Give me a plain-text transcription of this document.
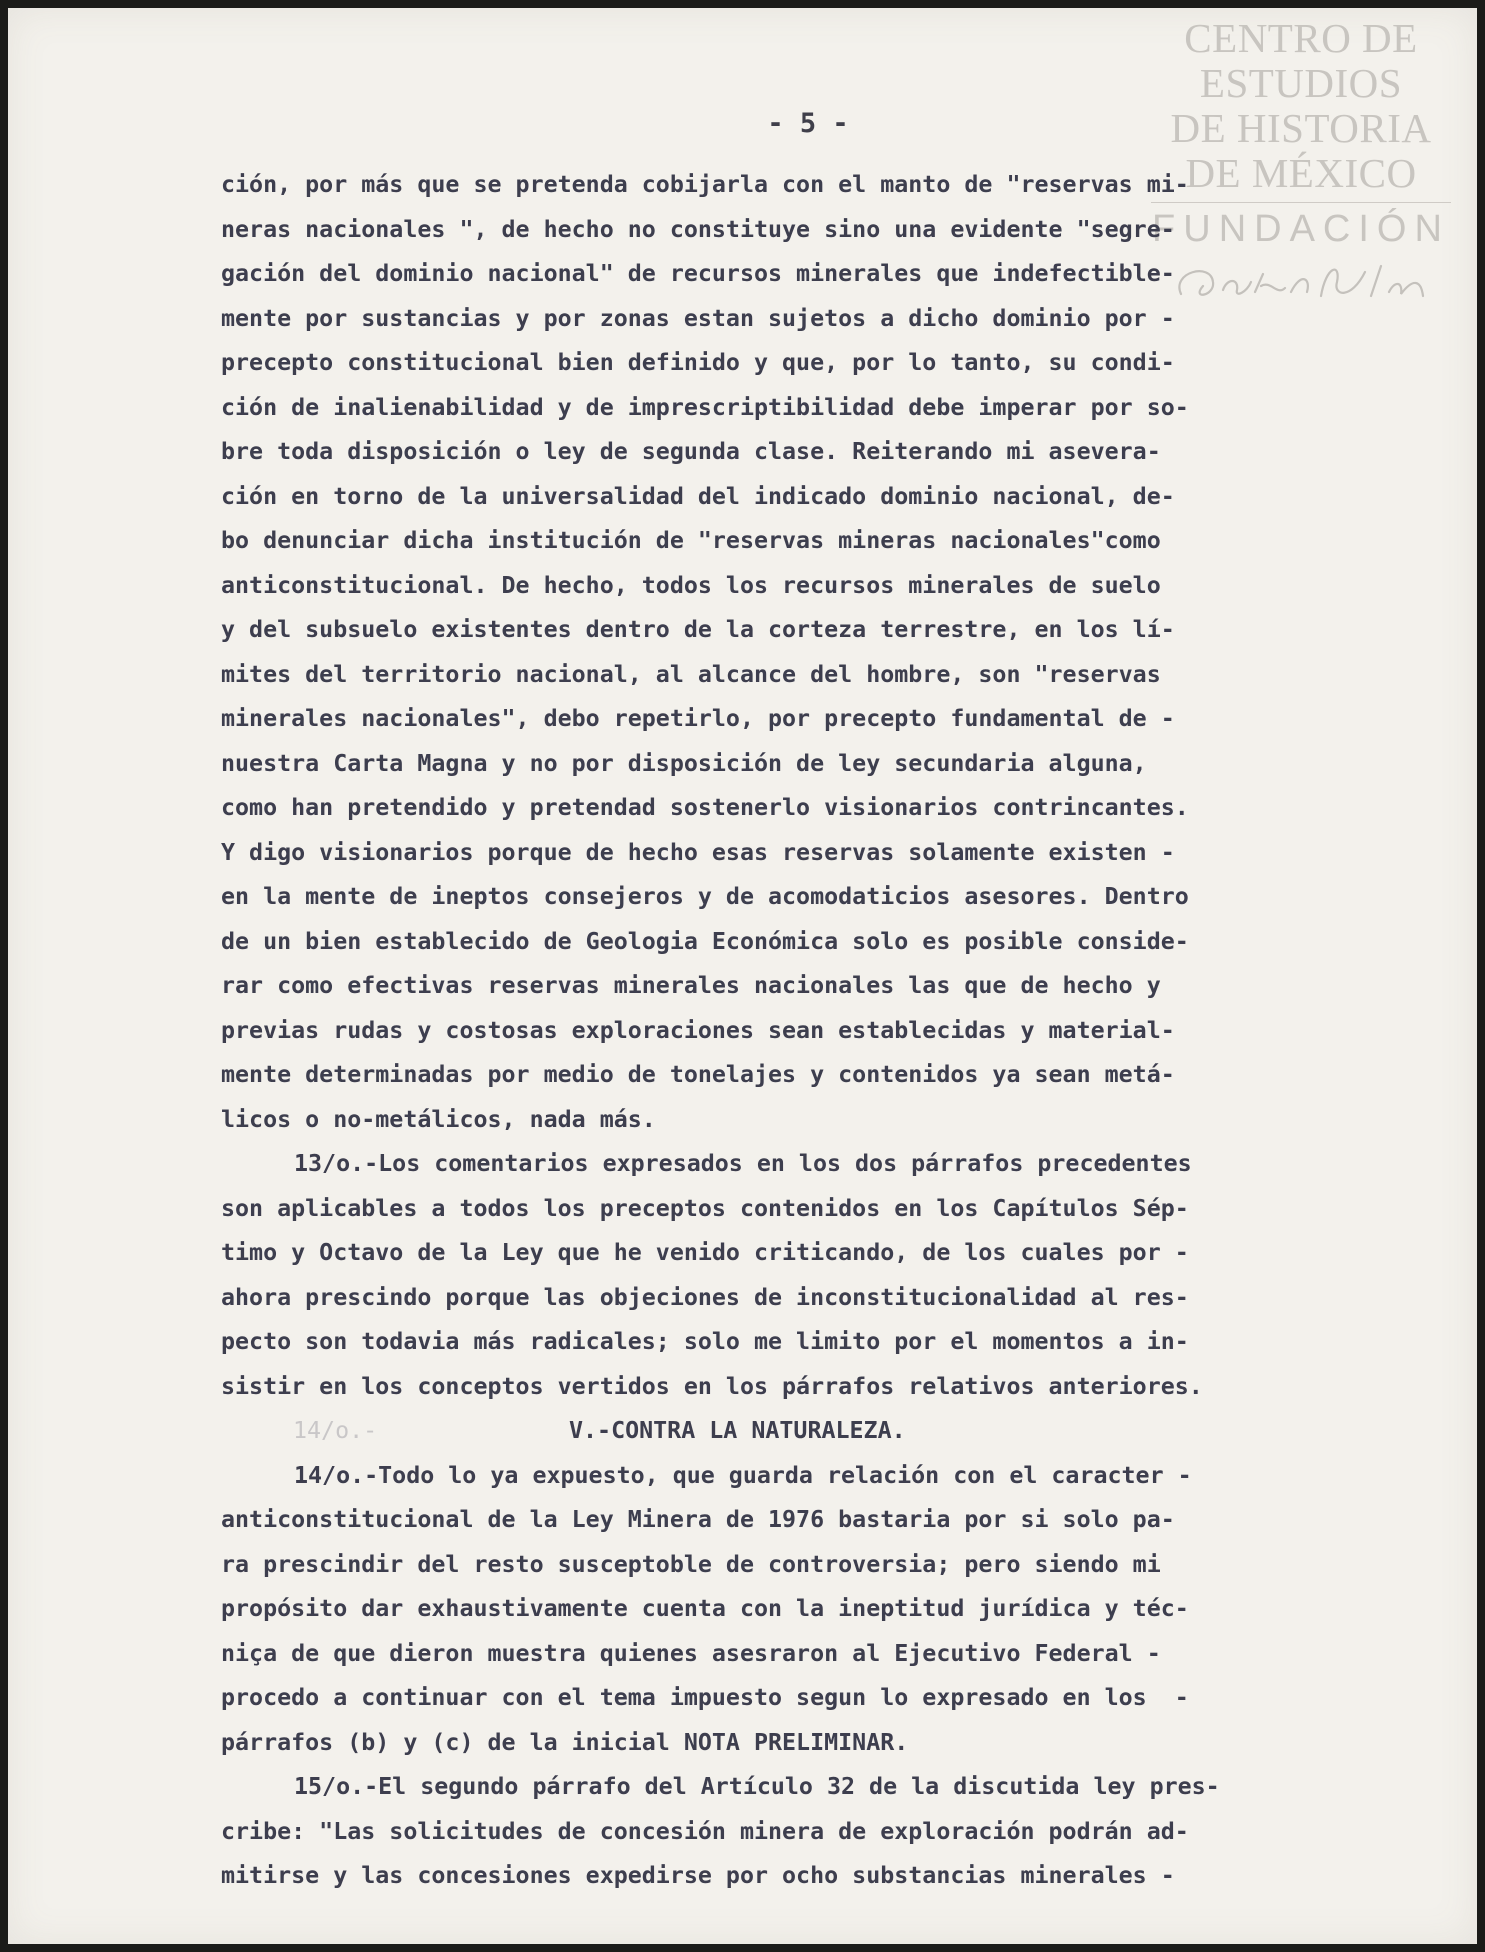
CENTRO DE
ESTUDIOS
DE HISTORIA
DE MÉXICO
FUNDACIÓN
- 5 -
ción, por más que se pretenda cobijarla con el manto de "reservas mi-
neras nacionales ", de hecho no constituye sino una evidente "segre-
gación del dominio nacional" de recursos minerales que indefectible-
mente por sustancias y por zonas estan sujetos a dicho dominio por -
precepto constitucional bien definido y que, por lo tanto, su condi-
ción de inalienabilidad y de imprescriptibilidad debe imperar por so-
bre toda disposición o ley de segunda clase. Reiterando mi asevera-
ción en torno de la universalidad del indicado dominio nacional, de-
bo denunciar dicha institución de "reservas mineras nacionales"como
anticonstitucional. De hecho, todos los recursos minerales de suelo
y del subsuelo existentes dentro de la corteza terrestre, en los lí-
mites del territorio nacional, al alcance del hombre, son "reservas
minerales nacionales", debo repetirlo, por precepto fundamental de -
nuestra Carta Magna y no por disposición de ley secundaria alguna,
como han pretendido y pretendad sostenerlo visionarios contrincantes.
Y digo visionarios porque de hecho esas reservas solamente existen -
en la mente de ineptos consejeros y de acomodaticios asesores. Dentro
de un bien establecido de Geologia Económica solo es posible conside-
rar como efectivas reservas minerales nacionales las que de hecho y
previas rudas y costosas exploraciones sean establecidas y material-
mente determinadas por medio de tonelajes y contenidos ya sean metá-
licos o no-metálicos, nada más.
13/o.-Los comentarios expresados en los dos párrafos precedentes
son aplicables a todos los preceptos contenidos en los Capítulos Sép-
timo y Octavo de la Ley que he venido criticando, de los cuales por -
ahora prescindo porque las objeciones de inconstitucionalidad al res-
pecto son todavia más radicales; solo me limito por el momentos a in-
sistir en los conceptos vertidos en los párrafos relativos anteriores.

14/o.-

	V.-CONTRA LA NATURALEZA.

14/o.-Todo lo ya expuesto, que guarda relación con el caracter -
anticonstitucional de la Ley Minera de 1976 bastaria por si solo pa-
ra prescindir del resto susceptoble de controversia; pero siendo mi
propósito dar exhaustivamente cuenta con la ineptitud jurídica y téc-
niça de que dieron muestra quienes asesraron al Ejecutivo Federal -
procedo a continuar con el tema impuesto segun lo expresado en los  -
párrafos (b) y (c) de la inicial NOTA PRELIMINAR.
15/o.-El segundo párrafo del Artículo 32 de la discutida ley pres-
cribe: "Las solicitudes de concesión minera de exploración podrán ad-
mitirse y las concesiones expedirse por ocho substancias minerales -
